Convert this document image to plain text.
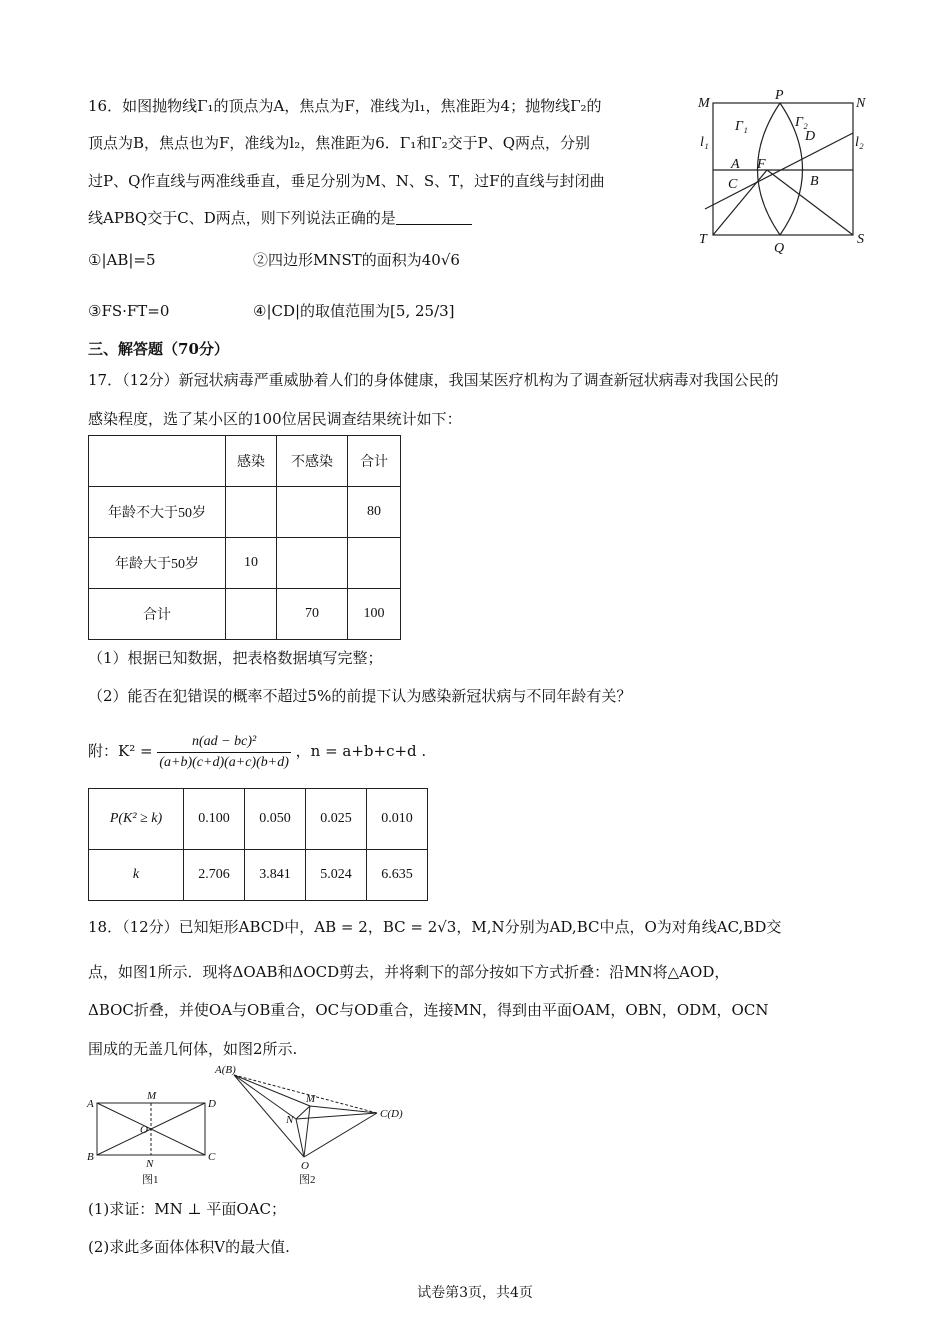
16．如图抛物线Γ₁的顶点为A，焦点为F，准线为l₁，焦准距为4；抛物线Γ₂的
顶点为B，焦点也为F，准线为l₂，焦准距为6．Γ₁和Γ₂交于P、Q两点，分别
过P、Q作直线与两准线垂直，垂足分别为M、N、S、T，过F的直线与封闭曲
线APBQ交于C、D两点，则下列说法正确的是
①|AB|=5	②四边形MNST的面积为40√6
③FS·FT=0	④|CD|的取值范围为[5, 25/3]
M
P
N
Γ₁	Γ₂
D
l₁	l₂
A F
C	B
T
Q
S
三、解答题（70分）
17．（12分）新冠状病毒严重威胁着人们的身体健康，我国某医疗机构为了调查新冠状病毒对我国公民的
感染程度，选了某小区的100位居民调查结果统计如下：
	感染	不感染	合计
年龄不大于50岁			80
年龄大于50岁	10		
合计		70	100
（1）根据已知数据，把表格数据填写完整；
（2）能否在犯错误的概率不超过5%的前提下认为感染新冠状病与不同年龄有关？
附：$K^2 = \frac{\text{n(ad − bc)²}}{(a+b)(c+d)(a+c)(b+d)}$ ，n = a+b+c+d .
P(K² ≥ k)	0.100	0.050	0.025	0.010
k	2.706	3.841	5.024	6.635
18．（12分）已知矩形ABCD中，AB = 2，BC = 2√3，M,N分别为AD,BC中点，O为对角线AC,BD交
点，如图1所示．现将ΔOAB和ΔOCD剪去，并将剩下的部分按如下方式折叠：沿MN将△AOD，
ΔBOC折叠，并使OA与OB重合，OC与OD重合，连接MN，得到由平面OAM，OBN，ODM，OCN
围成的无盖几何体，如图2所示.
A
M
D
O
B
N
C
图1
A(B)
M
N	C(D)
O
图2
(1)求证：MN ⊥ 平面OAC；
(2)求此多面体体积V的最大值.
试卷第3页，共4页
